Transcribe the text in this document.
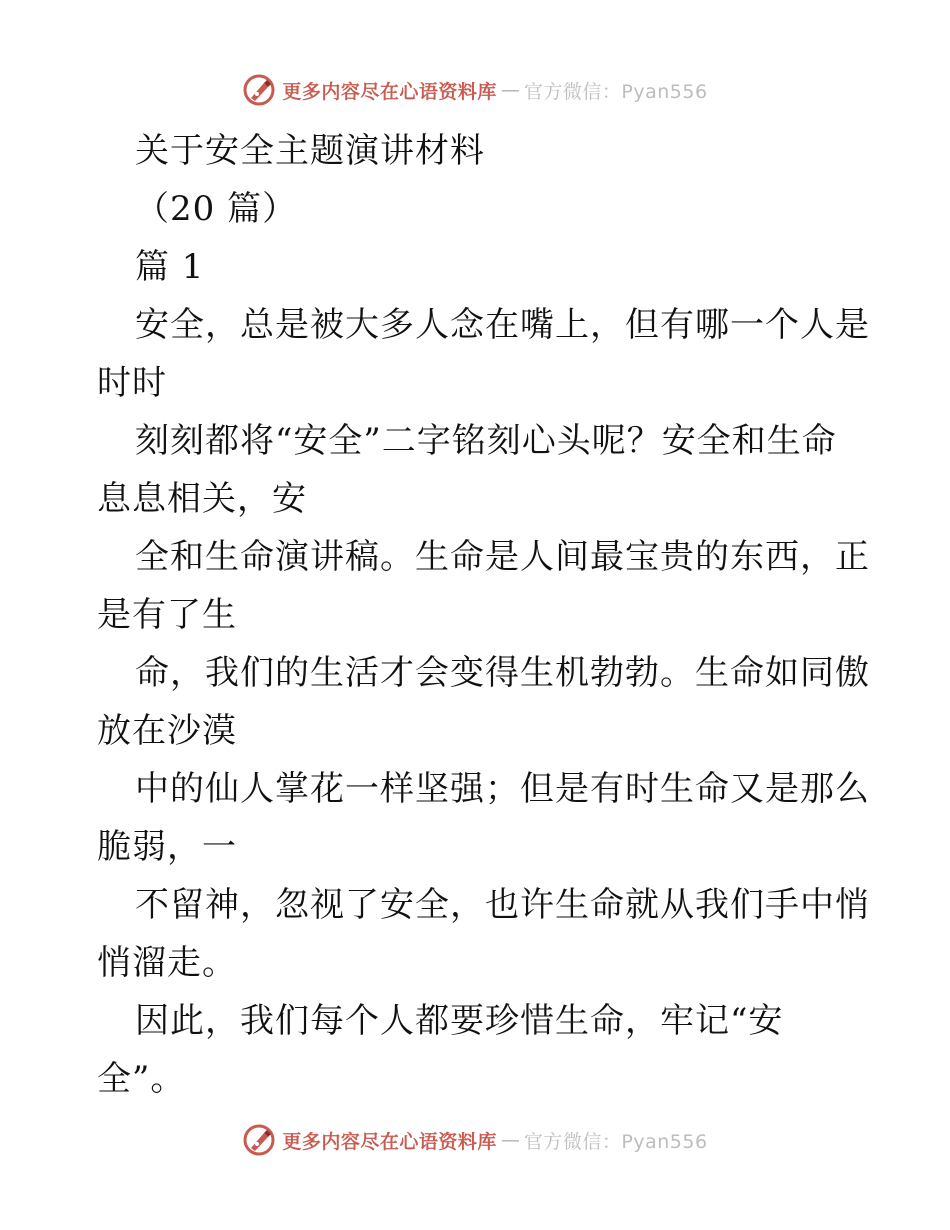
更多内容尽在心语资料库 — 官方微信：Pyan556
关于安全主题演讲材料
（20 篇）
篇 1
安全，总是被大多人念在嘴上，但有哪一个人是
时时
刻刻都将“安全”二字铭刻心头呢？安全和生命
息息相关，安
全和生命演讲稿。生命是人间最宝贵的东西，正
是有了生
命，我们的生活才会变得生机勃勃。生命如同傲
放在沙漠
中的仙人掌花一样坚强；但是有时生命又是那么
脆弱，一
不留神，忽视了安全，也许生命就从我们手中悄
悄溜走。
因此，我们每个人都要珍惜生命，牢记“安
全”。
更多内容尽在心语资料库 — 官方微信：Pyan556
